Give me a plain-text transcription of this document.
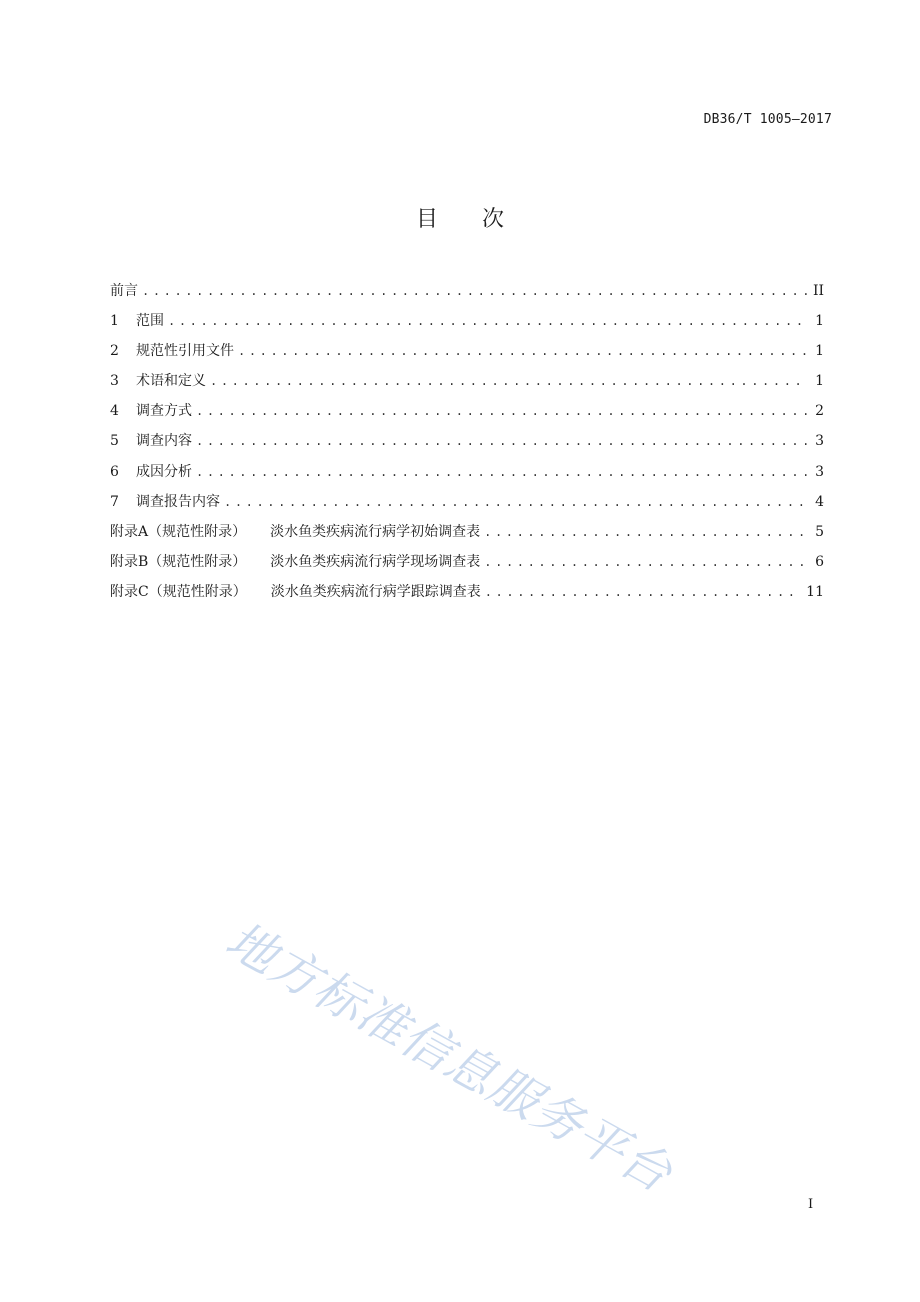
DB36/T 1005—2017
目 次
前言 .....	II
1	范围 .....	1
2	规范性引用文件 .....	1
3	术语和定义 .....	1
4	调查方式 .....	2
5	调查内容 .....	3
6	成因分析 .....	3
7	调查报告内容 .....	4
附录A（规范性附录） 淡水鱼类疾病流行病学初始调查表 .....	5
附录B（规范性附录） 淡水鱼类疾病流行病学现场调查表 .....	6
附录C（规范性附录） 淡水鱼类疾病流行病学跟踪调查表 .....	11
地方标准信息服务平台
I
